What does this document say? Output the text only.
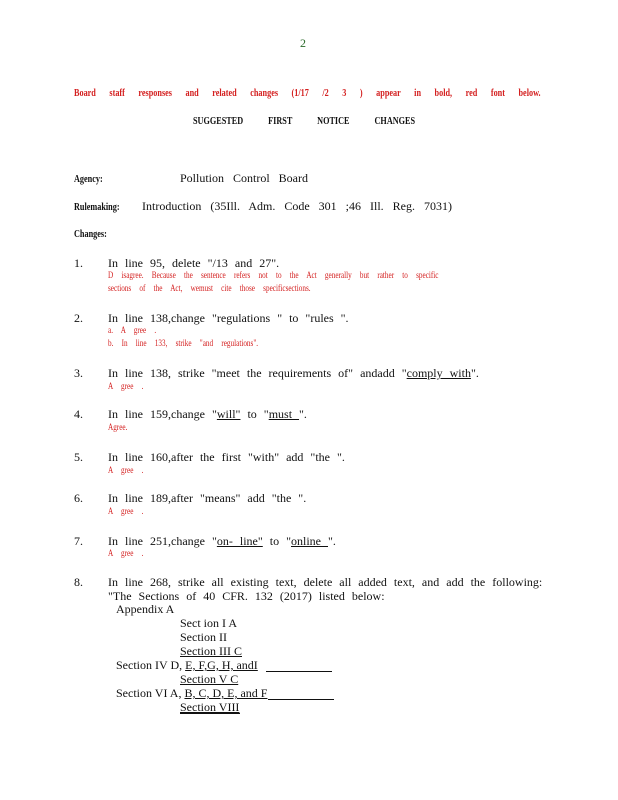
2
Board staff responses and related changes (1/17 /2 3 ) appear in bold, red font below.
SUGGESTED FIRST NOTICE CHANGES
Agency:	Pollution Control Board
Rulemaking: Introduction (35Ill. Adm. Code 301 ;46 Ill. Reg. 7031)
Changes:
1. In line 95, delete "/13 and 27".
D isagree. Because the sentence refers not to the Act generally but rather to specific
sections of the Act, wemust cite those specificsections.
2. In line 138,change "regulations " to "rules ".
a. A gree .
b. In line 133, strike "and regulations".
3. In line 138, strike "meet the requirements of" andadd "comply with".
A gree .
4. In line 159,change "will" to "must ".
Agree.
5. In line 160,after the first "with" add "the ".
A gree .
6. In line 189,after "means" add "the ".
A gree .
7. In line 251,change "on- line" to "online ".
A gree .
8. In line 268, strike all existing text, delete all added text, and add the following:
"The Sections of 40 CFR. 132 (2017) listed below:
Appendix A
Sect ion I A
Section II
Section III C
Section IV D, E, F,G, H, andI
Section V C
Section VI A, B, C, D, E, and F
Section VIII
